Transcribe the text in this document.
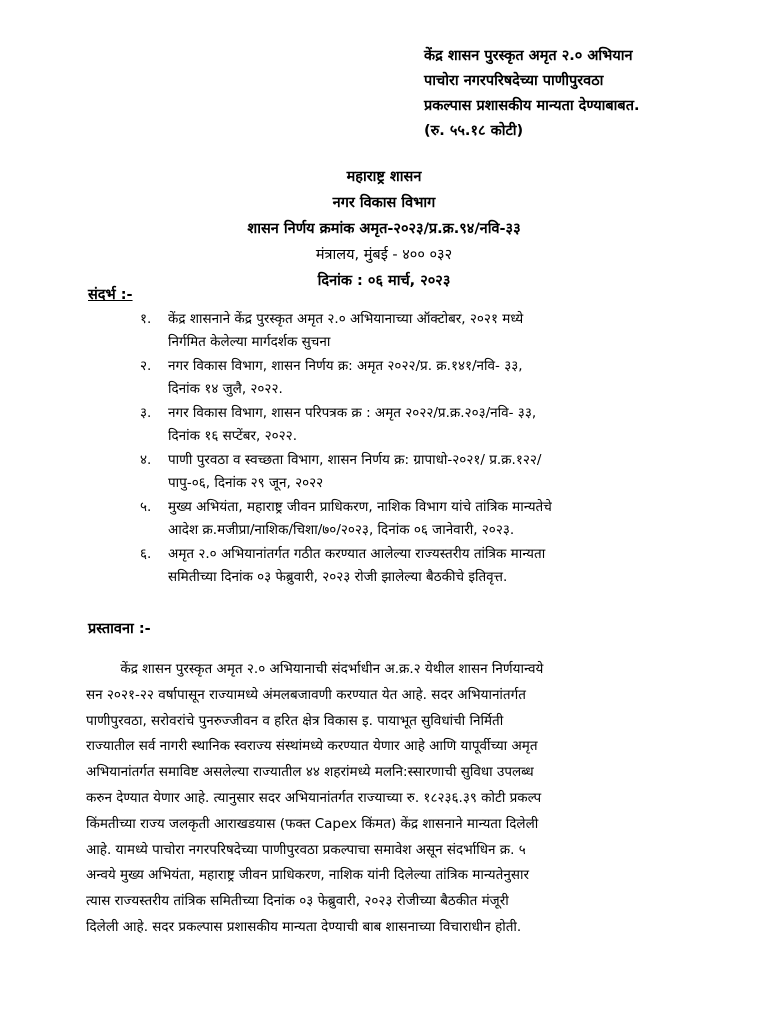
केंद्र शासन पुरस्कृत अमृत २.० अभियान
पाचोरा नगरपरिषदेच्या पाणीपुरवठा
प्रकल्पास प्रशासकीय मान्यता देण्याबाबत.
(रु. ५५.१८ कोटी)
महाराष्ट्र शासन
नगर विकास विभाग
शासन निर्णय क्रमांक अमृत-२०२३/प्र.क्र.९४/नवि-३३
मंत्रालय, मुंबई - ४०० ०३२
दिनांक : ०६ मार्च, २०२३
संदर्भ :-
१.	केंद्र शासनाने केंद्र पुरस्कृत अमृत २.० अभियानाच्या ऑक्टोबर, २०२१ मध्ये
निर्गमित केलेल्या मार्गदर्शक सुचना
२.	नगर विकास विभाग, शासन निर्णय क्र: अमृत २०२२/प्र. क्र.१४१/नवि- ३३,
दिनांक १४ जुलै, २०२२.
३.	नगर विकास विभाग, शासन परिपत्रक क्र : अमृत २०२२/प्र.क्र.२०३/नवि- ३३,
दिनांक १६ सप्टेंबर, २०२२.
४.	पाणी पुरवठा व स्वच्छता विभाग, शासन निर्णय क्र: ग्रापाधो-२०२१/ प्र.क्र.१२२/
पापु-०६, दिनांक २९ जून, २०२२
५.	मुख्य अभियंता, महाराष्ट्र जीवन प्राधिकरण, नाशिक विभाग यांचे तांत्रिक मान्यतेचे
आदेश क्र.मजीप्रा/नाशिक/चिशा/७०/२०२३, दिनांक ०६ जानेवारी, २०२३.
६.	अमृत २.० अभियानांतर्गत गठीत करण्यात आलेल्या राज्यस्तरीय तांत्रिक मान्यता
समितीच्या दिनांक ०३ फेब्रुवारी, २०२३ रोजी झालेल्या बैठकीचे इतिवृत्त.
प्रस्तावना :-
केंद्र शासन पुरस्कृत अमृत २.० अभियानाची संदर्भाधीन अ.क्र.२ येथील शासन निर्णयान्वये
सन २०२१-२२ वर्षापासून राज्यामध्ये अंमलबजावणी करण्यात येत आहे. सदर अभियानांतर्गत
पाणीपुरवठा, सरोवरांचे पुनरुज्जीवन व हरित क्षेत्र विकास इ. पायाभूत सुविधांची निर्मिती
राज्यातील सर्व नागरी स्थानिक स्वराज्य संस्थांमध्ये करण्यात येणार आहे आणि यापूर्वीच्या अमृत
अभियानांतर्गत समाविष्ट असलेल्या राज्यातील ४४ शहरांमध्ये मलनि:स्सारणाची सुविधा उपलब्ध
करुन देण्यात येणार आहे. त्यानुसार सदर अभियानांतर्गत राज्याच्या रु. १८२३६.३९ कोटी प्रकल्प
किंमतीच्या राज्य जलकृती आराखडयास (फक्त Capex किंमत) केंद्र शासनाने मान्यता दिलेली
आहे. यामध्ये पाचोरा नगरपरिषदेच्या पाणीपुरवठा प्रकल्पाचा समावेश असून संदर्भाधिन क्र. ५
अन्वये मुख्य अभियंता, महाराष्ट्र जीवन प्राधिकरण, नाशिक यांनी दिलेल्या तांत्रिक मान्यतेनुसार
त्यास राज्यस्तरीय तांत्रिक समितीच्या दिनांक ०३ फेब्रुवारी, २०२३ रोजीच्या बैठकीत मंजूरी
दिलेली आहे. सदर प्रकल्पास प्रशासकीय मान्यता देण्याची बाब शासनाच्या विचाराधीन होती.
